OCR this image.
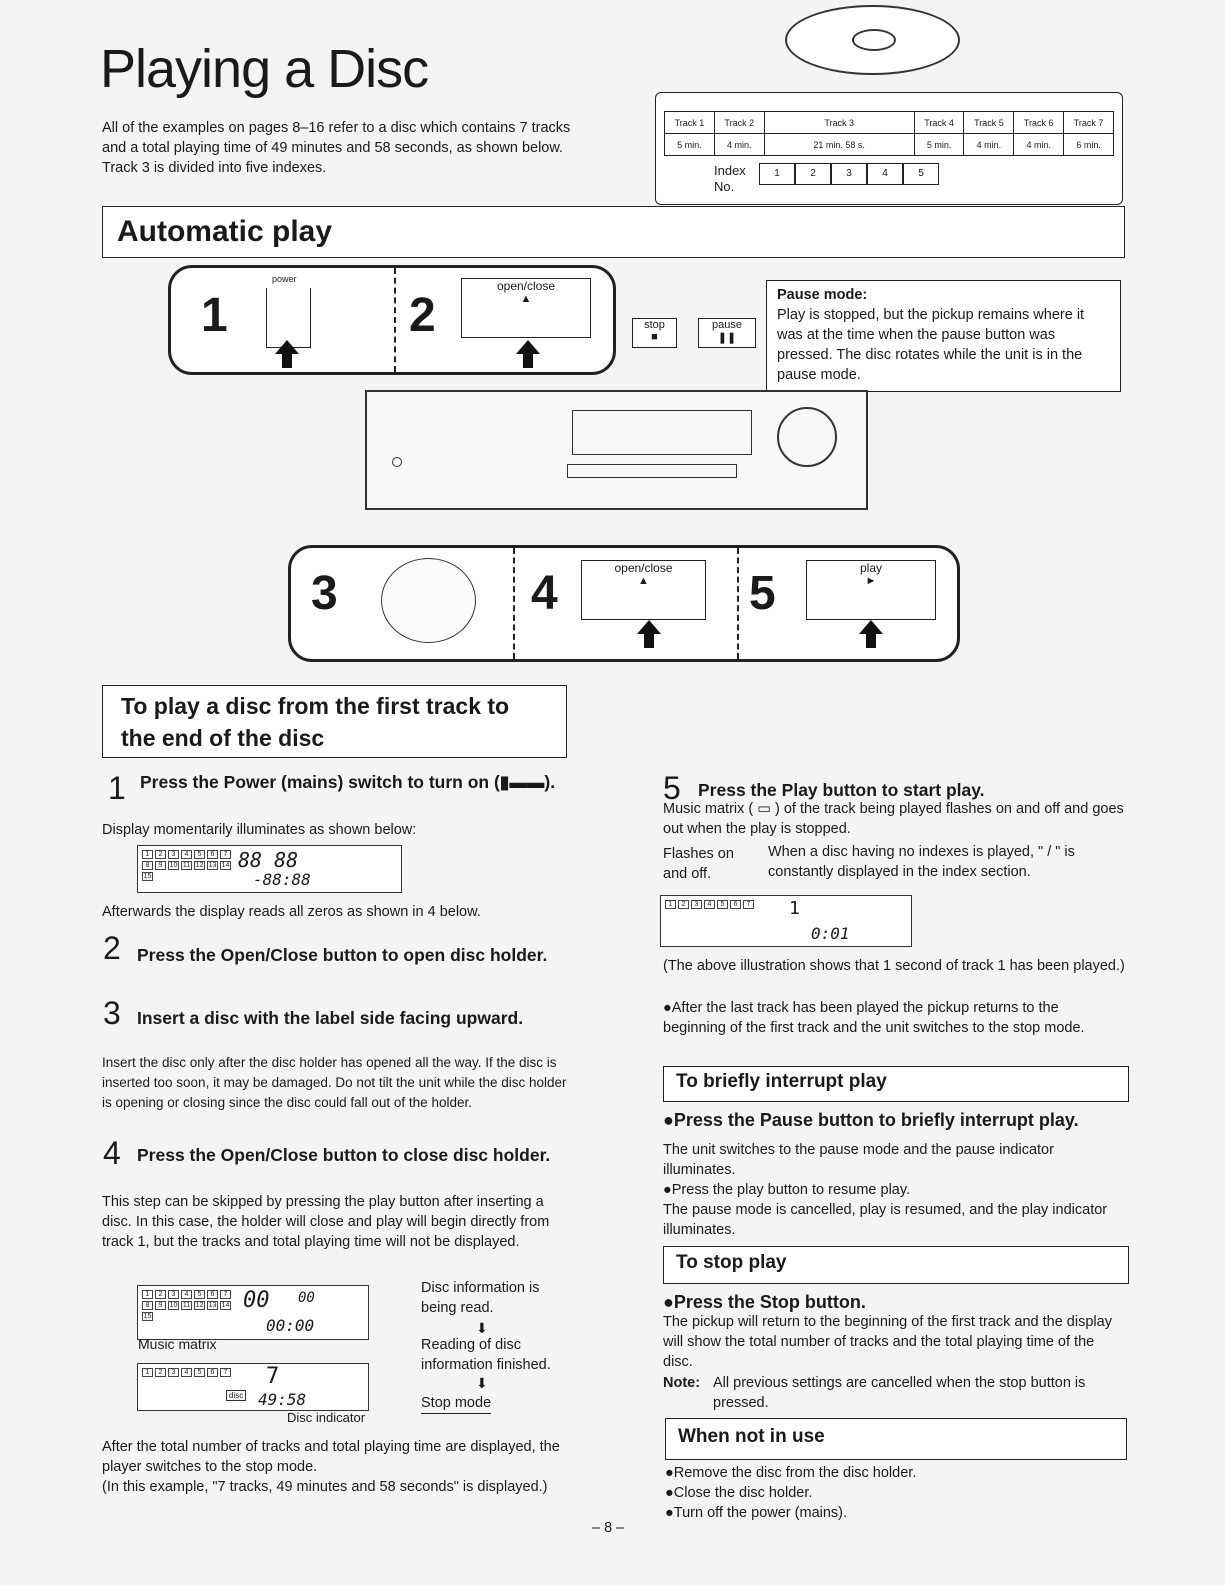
Playing a Disc

All of the examples on pages 8–16 refer to a disc which contains 7 tracks and a total playing time of 49 minutes and 58 seconds, as shown below. Track 3 is divided into five indexes.

Track 1	Track 2	Track 3	Track 4	Track 5	Track 6	Track 7
5 min.	4 min.	21 min. 58 s.	5 min.	4 min.	4 min.	6 min.
Index No.
1	2	3	4	5
Automatic play
1
power
2
open/close
▲
stop
■
pause
❚❚

Pause mode:

Play is stopped, but the pickup remains where it was at the time when the pause button was pressed. The disc rotates while the unit is in the pause mode.

3	4	open/close
▲	5	play
►
To play a disc from the first track to the end of the disc
1 Press the Power (mains) switch to turn on (▮▬▬).

Display momentarily illuminates as shown below:

1 2 3 4 5 6 78 9 10 11 12 13 1415
88 88
-88:88

Afterwards the display reads all zeros as shown in 4 below.

2 Press the Open/Close button to open disc holder.
3 Insert a disc with the label side facing upward.

Insert the disc only after the disc holder has opened all the way. If the disc is inserted too soon, it may be damaged. Do not tilt the unit while the disc holder is opening or closing since the disc could fall out of the holder.

4 Press the Open/Close button to close disc holder.

This step can be skipped by pressing the play button after inserting a disc. In this case, the holder will close and play will begin directly from track 1, but the tracks and total playing time will not be displayed.

1 2 3 4 5 6 78 9 10 11 12 13 1415
00 00
00:00
Music matrix
1 2 3 4 5 6 7	7
disc 49:58
Disc indicator

Disc information is being read.

⬇

Reading of disc information finished.

⬇

Stop mode

After the total number of tracks and total playing time are displayed, the player switches to the stop mode.

(In this example, "7 tracks, 49 minutes and 58 seconds" is displayed.)

5 Press the Play button to start play.

Music matrix ( ▭ ) of the track being played flashes on and off and goes out when the play is stopped.

Flashes on and off.

When a disc having no indexes is played, " / " is constantly displayed in the index section.

1 2 3 4 5 6 7	1
0:01

(The above illustration shows that 1 second of track 1 has been played.)

●After the last track has been played the pickup returns to the beginning of the first track and the unit switches to the stop mode.

To briefly interrupt play
●Press the Pause button to briefly interrupt play.

The unit switches to the pause mode and the pause indicator illuminates.

●Press the play button to resume play.

The pause mode is cancelled, play is resumed, and the play indicator illuminates.

To stop play
●Press the Stop button.

The pickup will return to the beginning of the first track and the display will show the total number of tracks and the total playing time of the disc.

Note: All previous settings are cancelled when the stop button is pressed.

When not in use

●Remove the disc from the disc holder.

●Close the disc holder.

●Turn off the power (mains).

– 8 –
